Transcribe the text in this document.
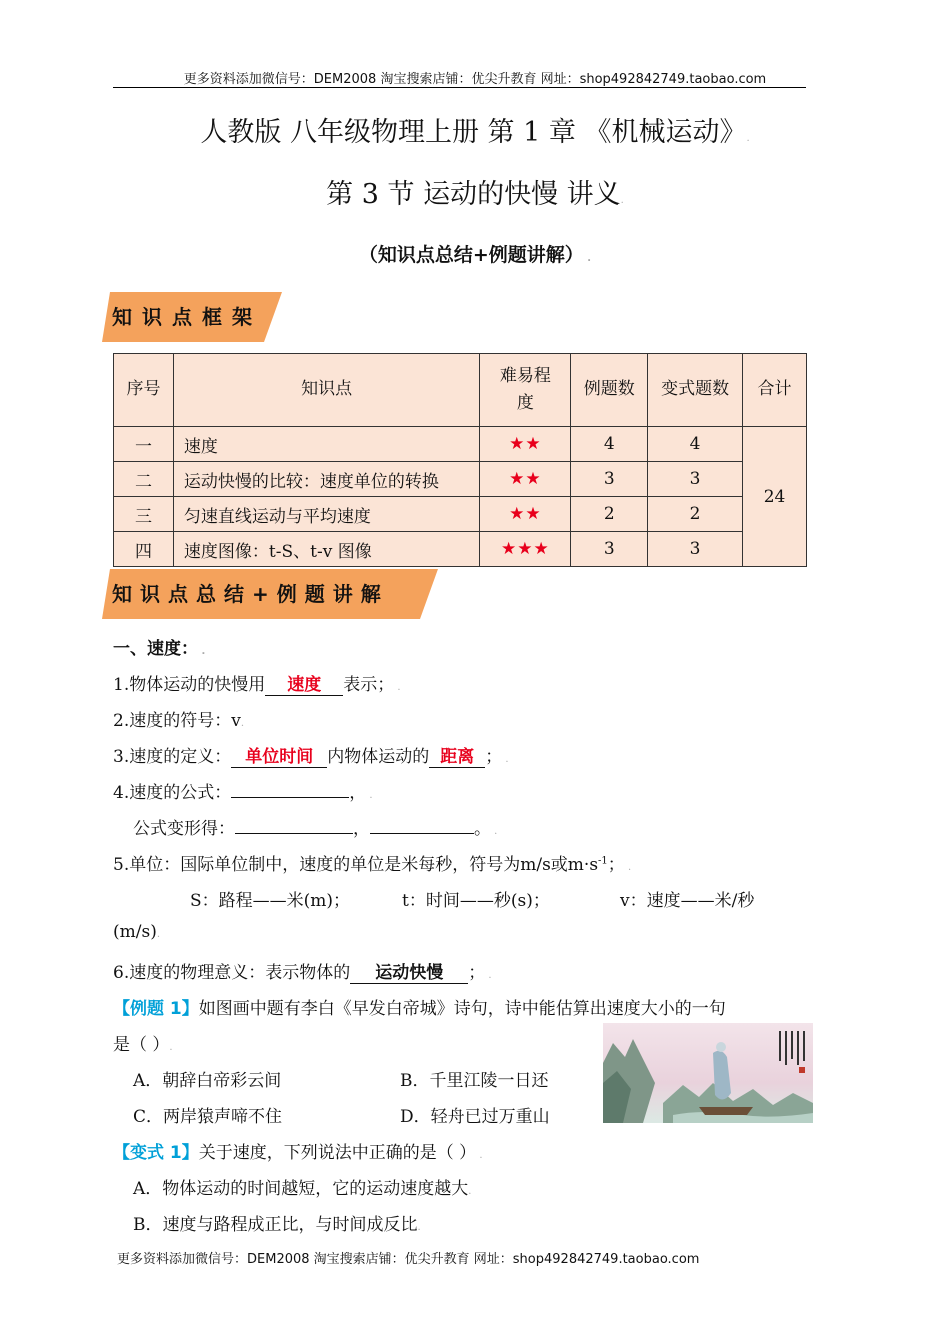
更多资料添加微信号：DEM2008 淘宝搜索店铺：优尖升教育 网址：shop492842749.taobao.com
人教版 八年级物理上册 第 1 章 《机械运动》.
第 3 节 运动的快慢 讲义.
（知识点总结+例题讲解） .
知识点框架
序号	知识点	难易程度	例题数	变式题数	合计
一	速度	★★	4	4	24
二	运动快慢的比较：速度单位的转换	★★	3	3	
三	匀速直线运动与平均速度	★★	2	2	
四	速度图像：t-S、t-v 图像	★★★	3	3	
知识点总结+例题讲解
一、速度： .
1.物体运动的快慢用 速度 表示； .
2.速度的符号：v.
3.速度的定义： 单位时间 内物体运动的 距离 ； .
4.速度的公式：	， .
公式变形得：	，	。 .
5.单位：国际单位制中，速度的单位是米每秒，符号为m/s或$m\cdot s^{-1}$； .
S：路程——米(m)；	t：时间——秒(s)；	v：速度——米/秒
(m/s).
6.速度的物理意义：表示物体的 运动快慢 ； .
【例题 1】如图画中题有李白《早发白帝城》诗句，诗中能估算出速度大小的一句
是（ ）.
A．朝辞白帝彩云间	B．千里江陵一日还
C．两岸猿声啼不住	D．轻舟已过万重山
【变式 1】关于速度，下列说法中正确的是（ ） .
A．物体运动的时间越短，它的运动速度越大.
B．速度与路程成正比，与时间成反比.
更多资料添加微信号：DEM2008 淘宝搜索店铺：优尖升教育 网址：shop492842749.taobao.com
